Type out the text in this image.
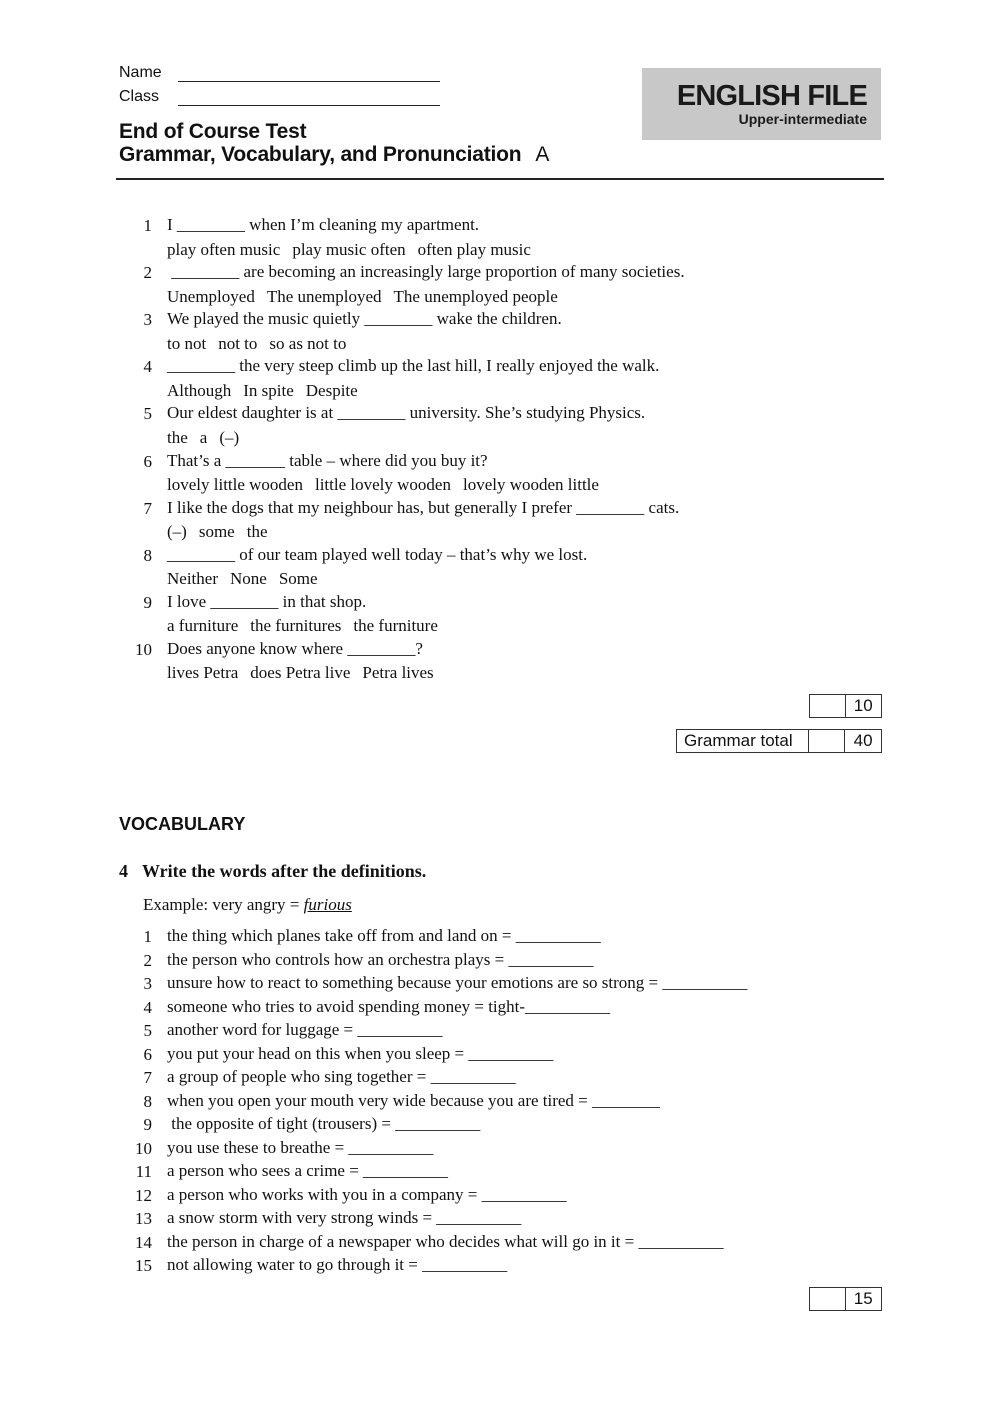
Name
Class
End of Course Test
Grammar, Vocabulary, and Pronunciation A
ENGLISH FILE
Upper-intermediate
1 I ________ when I’m cleaning my apartment.
play often music play music often often play music
2 ________ are becoming an increasingly large proportion of many societies.
Unemployed The unemployed The unemployed people
3 We played the music quietly ________ wake the children.
to not not to so as not to
4 ________ the very steep climb up the last hill, I really enjoyed the walk.
Although In spite Despite
5 Our eldest daughter is at ________ university. She’s studying Physics.
the a (–)
6 That’s a _______ table – where did you buy it?
lovely little wooden little lovely wooden lovely wooden little
7 I like the dogs that my neighbour has, but generally I prefer ________ cats.
(–) some the
8 ________ of our team played well today – that’s why we lost.
Neither None Some
9 I love ________ in that shop.
a furniture the furnitures the furniture
10 Does anyone know where ________?
lives Petra does Petra live Petra lives
10
Grammar total	40
VOCABULARY
4 Write the words after the definitions.
Example: very angry = furious
1 the thing which planes take off from and land on = __________
2 the person who controls how an orchestra plays = __________
3 unsure how to react to something because your emotions are so strong = __________
4 someone who tries to avoid spending money = tight-__________
5 another word for luggage = __________
6 you put your head on this when you sleep = __________
7 a group of people who sing together = __________
8 when you open your mouth very wide because you are tired = ________
9 the opposite of tight (trousers) = __________
10 you use these to breathe = __________
11 a person who sees a crime = __________
12 a person who works with you in a company = __________
13 a snow storm with very strong winds = __________
14 the person in charge of a newspaper who decides what will go in it = __________
15 not allowing water to go through it = __________
15
